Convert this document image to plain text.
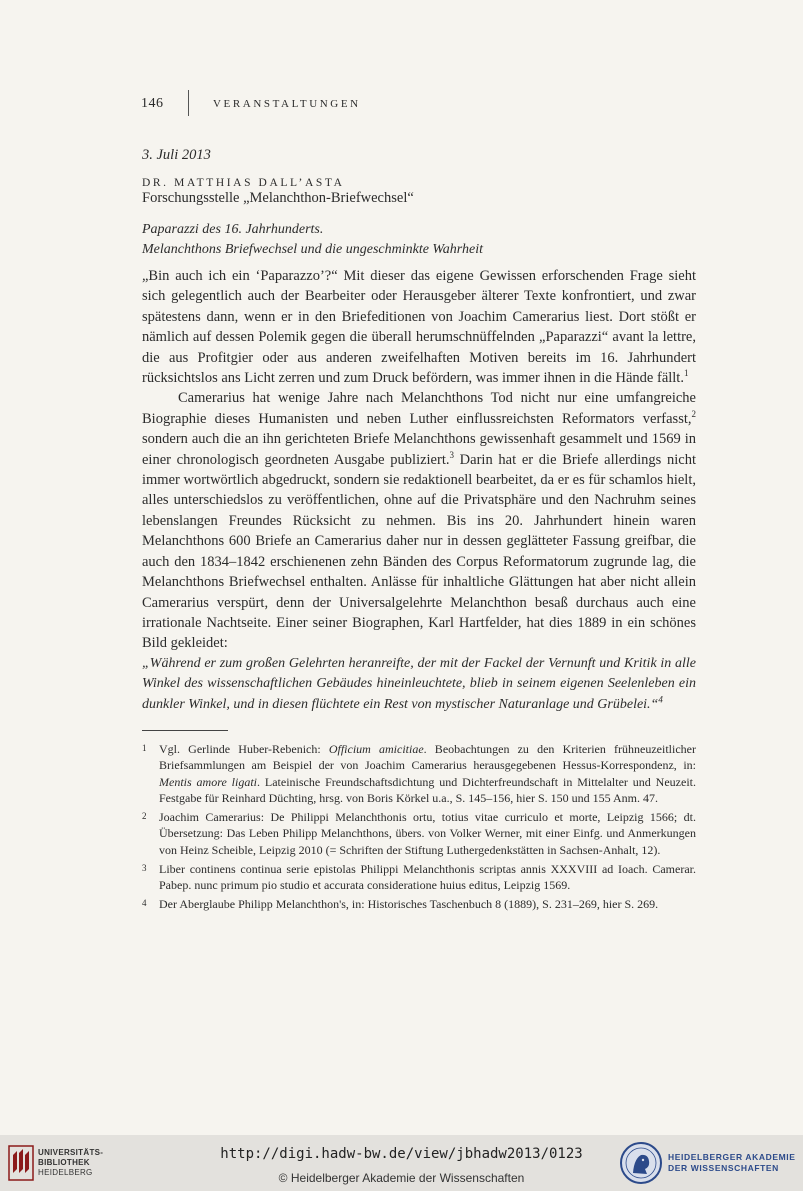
146	VERANSTALTUNGEN

3. Juli 2013

DR. MATTHIAS DALL’ASTA
Forschungsstelle „Melanchthon-Briefwechsel“
Paparazzi des 16. Jahrhunderts.
Melanchthons Briefwechsel und die ungeschminkte Wahrheit

„Bin auch ich ein ‘Paparazzo’?“ Mit dieser das eigene Gewissen erforschenden Frage sieht sich gelegentlich auch der Bearbeiter oder Herausgeber älterer Texte konfrontiert, und zwar spätestens dann, wenn er in den Briefeditionen von Joachim Camerarius liest. Dort stößt er nämlich auf dessen Polemik gegen die überall herumschnüffelnden „Paparazzi“ avant la lettre, die aus Profitgier oder aus anderen zweifelhaften Motiven bereits im 16. Jahrhundert rücksichtslos ans Licht zerren und zum Druck befördern, was immer ihnen in die Hände fällt.$^1$

Camerarius hat wenige Jahre nach Melanchthons Tod nicht nur eine umfangreiche Biographie dieses Humanisten und neben Luther einflussreichsten Reformators verfasst,$^2$ sondern auch die an ihn gerichteten Briefe Melanchthons gewissenhaft gesammelt und 1569 in einer chronologisch geordneten Ausgabe publiziert.$^3$ Darin hat er die Briefe allerdings nicht immer wortwörtlich abgedruckt, sondern sie redaktionell bearbeitet, da er es für schamlos hielt, alles unterschiedslos zu veröffentlichen, ohne auf die Privatsphäre und den Nachruhm seines lebenslangen Freundes Rücksicht zu nehmen. Bis ins 20. Jahrhundert hinein waren Melanchthons 600 Briefe an Camerarius daher nur in dessen geglätteter Fassung greifbar, die auch den 1834–1842 erschienenen zehn Bänden des Corpus Reformatorum zugrunde lag, die Melanchthons Briefwechsel enthalten. Anlässe für inhaltliche Glättungen hat aber nicht allein Camerarius verspürt, denn der Universalgelehrte Melanchthon besaß durchaus auch eine irrationale Nachtseite. Einer seiner Biographen, Karl Hartfelder, hat dies 1889 in ein schönes Bild gekleidet:

„Während er zum großen Gelehrten heranreifte, der mit der Fackel der Vernunft und Kritik in alle Winkel des wissenschaftlichen Gebäudes hineinleuchtete, blieb in seinem eigenen Seelenleben ein dunkler Winkel, und in diesen flüchtete ein Rest von mystischer Naturanlage und Grübelei.“$^4$

1	Vgl. Gerlinde Huber-Rebenich: Officium amicitiae. Beobachtungen zu den Kriterien frühneuzeitlicher Briefsammlungen am Beispiel der von Joachim Camerarius herausgegebenen Hessus-Korrespondenz, in: Mentis amore ligati. Lateinische Freundschaftsdichtung und Dichterfreundschaft in Mittelalter und Neuzeit. Festgabe für Reinhard Düchting, hrsg. von Boris Körkel u.a., S. 145–156, hier S. 150 und 155 Anm. 47.
2	Joachim Camerarius: De Philippi Melanchthonis ortu, totius vitae curriculo et morte, Leipzig 1566; dt. Übersetzung: Das Leben Philipp Melanchthons, übers. von Volker Werner, mit einer Einfg. und Anmerkungen von Heinz Scheible, Leipzig 2010 (= Schriften der Stiftung Luthergedenkstätten in Sachsen-Anhalt, 12).
3	Liber continens continua serie epistolas Philippi Melanchthonis scriptas annis XXXVIII ad Ioach. Camerar. Pabep. nunc primum pio studio et accurata consideratione huius editus, Leipzig 1569.
4	Der Aberglaube Philipp Melanchthon's, in: Historisches Taschenbuch 8 (1889), S. 231–269, hier S. 269.
UNIVERSITÄTS-
BIBLIOTHEK
HEIDELBERG
http://digi.hadw-bw.de/view/jbhadw2013/0123
© Heidelberger Akademie der Wissenschaften
HEIDELBERGER AKADEMIE
DER WISSENSCHAFTEN
